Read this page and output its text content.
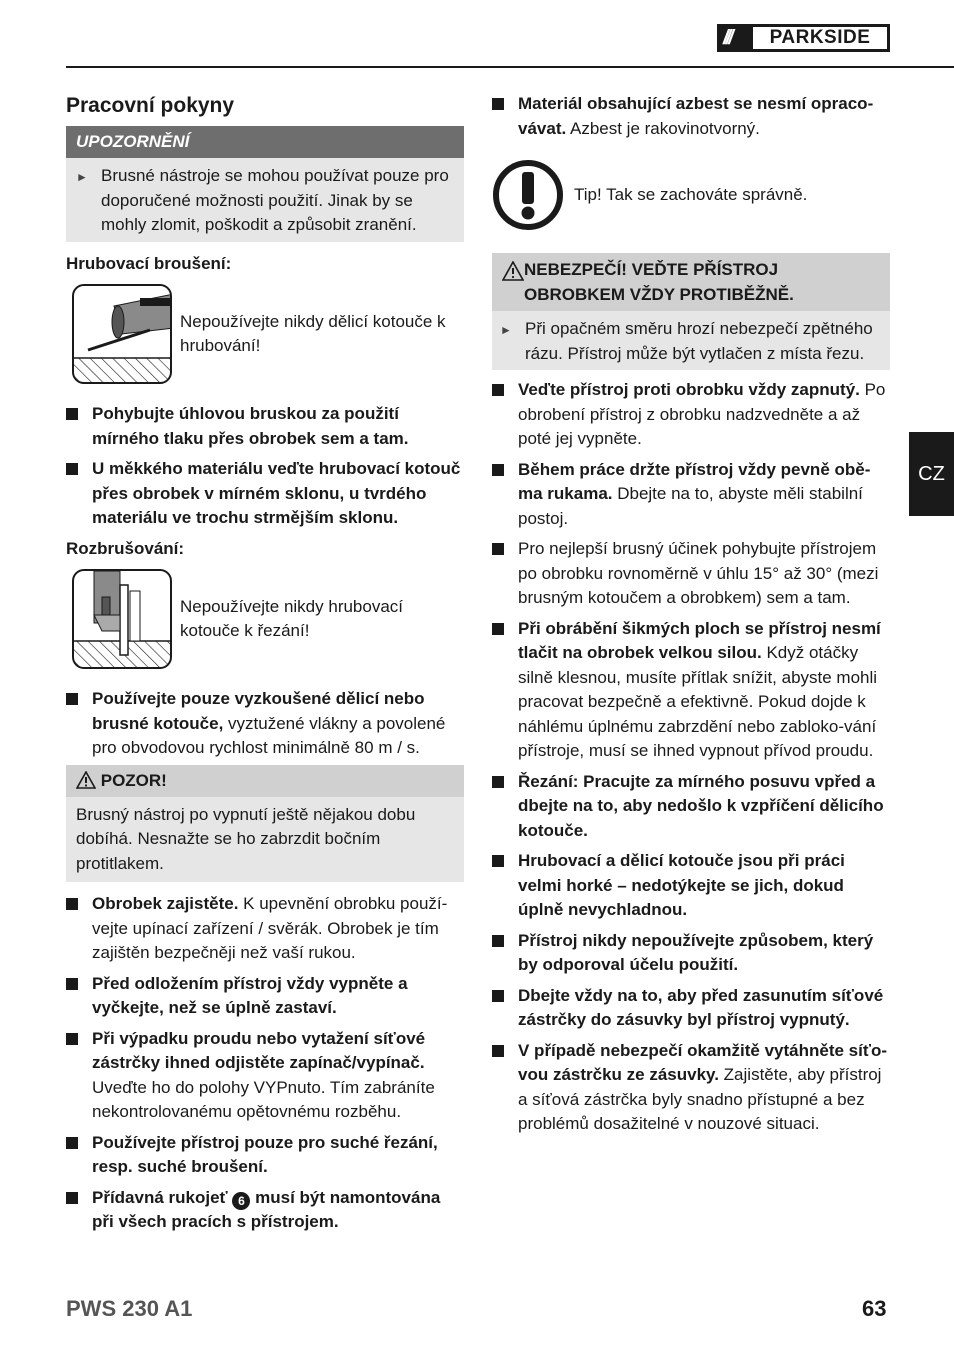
///	PARKSIDE
CZ
Pracovní pokyny
UPOZORNĚNÍ
► Brusné nástroje se mohou používat pouze pro doporučené možnosti použití. Jinak by se mohly zlomit, poškodit a způsobit zranění.
Hrubovací broušení:
Nepoužívejte nikdy dělicí kotouče k hrubování!
Pohybujte úhlovou bruskou za použití mírného tlaku přes obrobek sem a tam.
U měkkého materiálu veďte hrubovací kotouč přes obrobek v mírném sklonu, u tvrdého materiálu ve trochu strmějším sklonu.
Rozbrušování:
Nepoužívejte nikdy hrubovací kotouče k řezání!
Používejte pouze vyzkoušené dělicí nebo brusné kotouče, vyztužené vlákny a povolené pro obvodovou rychlost minimálně 80 m / s.
POZOR!
Brusný nástroj po vypnutí ještě nějakou dobu dobíhá. Nesnažte se ho zabrzdit bočním protitlakem.
Obrobek zajistěte. K upevnění obrobku použí-vejte upínací zařízení / svěrák. Obrobek je tím zajištěn bezpečněji než vaší rukou.
Před odložením přístroj vždy vypněte a vyčkejte, než se úplně zastaví.
Při výpadku proudu nebo vytažení síťové zástrčky ihned odjistěte zapínač/vypínač. Uveďte ho do polohy VYPnuto. Tím zabráníte nekontrolovanému opětovnému rozběhu.
Používejte přístroj pouze pro suché řezání, resp. suché broušení.
Přídavná rukojeť 6 musí být namontována při všech pracích s přístrojem.
Materiál obsahující azbest se nesmí opraco-vávat. Azbest je rakovinotvorný.
Tip! Tak se zachováte správně.
NEBEZPEČÍ! VEĎTE PŘÍSTROJ OBROBKEM VŽDY PROTIBĚŽNĚ.
► Při opačném směru hrozí nebezpečí zpětného rázu. Přístroj může být vytlačen z místa řezu.
Veďte přístroj proti obrobku vždy zapnutý. Po obrobení přístroj z obrobku nadzvedněte a až poté jej vypněte.
Během práce držte přístroj vždy pevně obě-ma rukama. Dbejte na to, abyste měli stabilní postoj.
Pro nejlepší brusný účinek pohybujte přístrojem po obrobku rovnoměrně v úhlu 15° až 30° (mezi brusným kotoučem a obrobkem) sem a tam.
Při obrábění šikmých ploch se přístroj nesmí tlačit na obrobek velkou silou. Když otáčky silně klesnou, musíte přítlak snížit, abyste mohli pracovat bezpečně a efektivně. Pokud dojde k náhlému úplnému zabrzdění nebo zabloko-vání přístroje, musí se ihned vypnout přívod proudu.
Řezání: Pracujte za mírného posuvu vpřed a dbejte na to, aby nedošlo k vzpříčení dělicího kotouče.
Hrubovací a dělicí kotouče jsou při práci velmi horké – nedotýkejte se jich, dokud úplně nevychladnou.
Přístroj nikdy nepoužívejte způsobem, který by odporoval účelu použití.
Dbejte vždy na to, aby před zasunutím síťové zástrčky do zásuvky byl přístroj vypnutý.
V případě nebezpečí okamžitě vytáhněte síťo-vou zástrčku ze zásuvky. Zajistěte, aby přístroj a síťová zástrčka byly snadno přístupné a bez problémů dosažitelné v nouzové situaci.
PWS 230 A1	63
